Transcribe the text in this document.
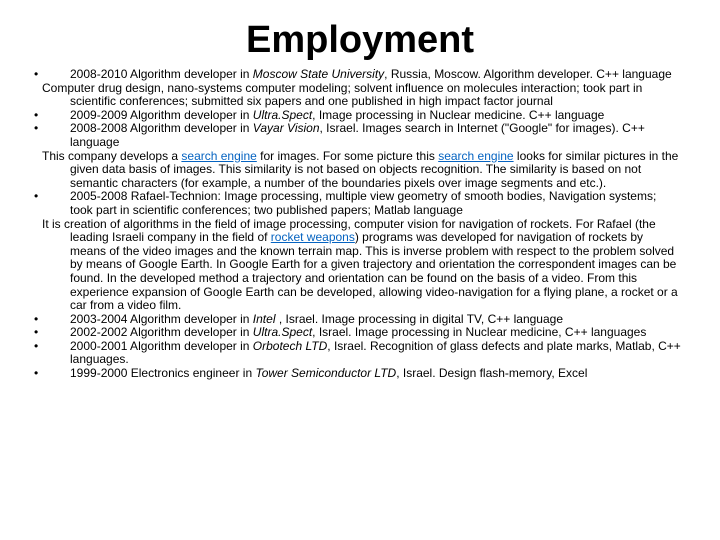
Employment
• 2008-2010 Algorithm developer in Moscow State University, Russia, Moscow. Algorithm developer. C++ language
Computer drug design, nano-systems computer modeling; solvent influence on molecules interaction; took part in scientific conferences; submitted six papers and one published in high impact factor journal
• 2009-2009 Algorithm developer in Ultra.Spect, Image processing in Nuclear medicine. C++ language
• 2008-2008 Algorithm developer in Vayar Vision, Israel. Images search in Internet ("Google" for images). C++ language
This company develops a search engine for images. For some picture this search engine looks for similar pictures in the given data basis of images. This similarity is not based on objects recognition. The similarity is based on not semantic characters (for example, a number of the boundaries pixels over image segments and etc.).
• 2005-2008 Rafael-Technion: Image processing, multiple view geometry of smooth bodies, Navigation systems; took part in scientific conferences; two published papers; Matlab language
It is creation of algorithms in the field of image processing, computer vision for navigation of rockets. For Rafael (the leading Israeli company in the field of rocket weapons) programs was developed for navigation of rockets by means of the video images and the known terrain map. This is inverse problem with respect to the problem solved by means of Google Earth. In Google Earth for a given trajectory and orientation the correspondent images can be found. In the developed method a trajectory and orientation can be found on the basis of a video. From this experience expansion of Google Earth can be developed, allowing video-navigation for a flying plane, a rocket or a car from a video film.
• 2003-2004 Algorithm developer in Intel , Israel. Image processing in digital TV, C++ language
• 2002-2002 Algorithm developer in Ultra.Spect, Israel. Image processing in Nuclear medicine, C++ languages
• 2000-2001 Algorithm developer in Orbotech LTD, Israel. Recognition of glass defects and plate marks, Matlab, C++ languages.
• 1999-2000 Electronics engineer in Tower Semiconductor LTD, Israel. Design flash-memory, Excel
